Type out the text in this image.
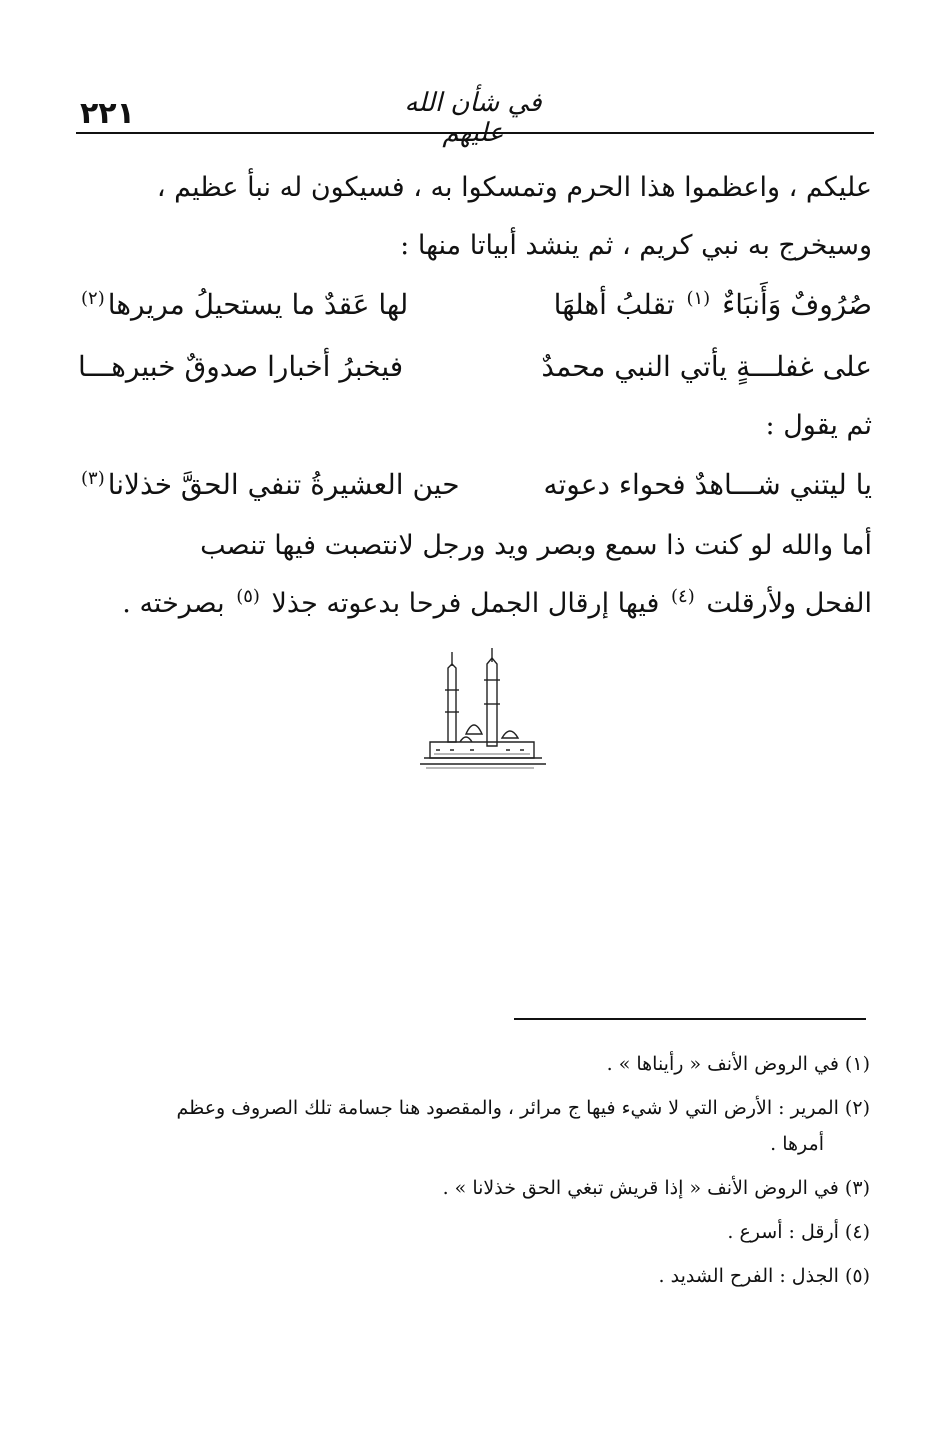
٢٢١	في شأن الله عليهم

عليكم ، واعظموا هذا الحرم وتمسكوا به ، فسيكون له نبأ عظيم ،

وسيخرج به نبي كريم ، ثم ينشد أبياتا منها :

صُرُوفٌ وَأَنبَاءٌ $^{(١)}$ تقلبُ أهلهَا
لها عَقدٌ ما يستحيلُ مريرها$^{(٢)}$
على غفلـــةٍ يأتي النبي محمدٌ
فيخبرُ أخبارا صدوقٌ خبيرهـــا

ثم يقول :

يا ليتني شـــاهدٌ فحواء دعوته
حين العشيرةُ تنفي الحقَّ خذلانا$^{(٣)}$

أما والله لو كنت ذا سمع وبصر ويد ورجل لانتصبت فيها تنصب

الفحل ولأرقلت $^{(٤)}$ فيها إرقال الجمل فرحا بدعوته جذلا $^{(٥)}$ بصرخته .

(١) في الروض الأنف « رأيناها » .

(٢) المرير : الأرض التي لا شيء فيها ج مرائر ، والمقصود هنا جسامة تلك الصروف وعظم

أمرها .

(٣) في الروض الأنف « إذا قريش تبغي الحق خذلانا » .

(٤) أرقل : أسرع .

(٥) الجذل : الفرح الشديد .
